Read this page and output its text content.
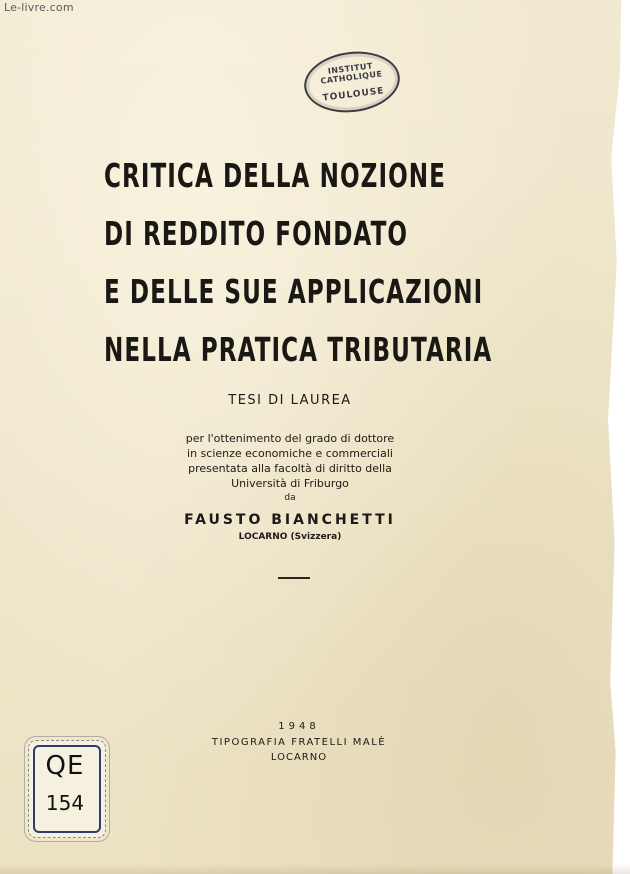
Le-livre.com
INSTITUT CATHOLIQUE
TOULOUSE
CRITICA DELLA NOZIONE
DI REDDITO FONDATO
E DELLE SUE APPLICAZIONI
NELLA PRATICA TRIBUTARIA
TESI DI LAUREA
per l'ottenimento del grado di dottore
in scienze economiche e commerciali
presentata alla facoltà di diritto della
Università di Friburgo
da
FAUSTO BIANCHETTI
LOCARNO (Svizzera)
1948
TIPOGRAFIA FRATELLI MALÈ
LOCARNO
QE
154
